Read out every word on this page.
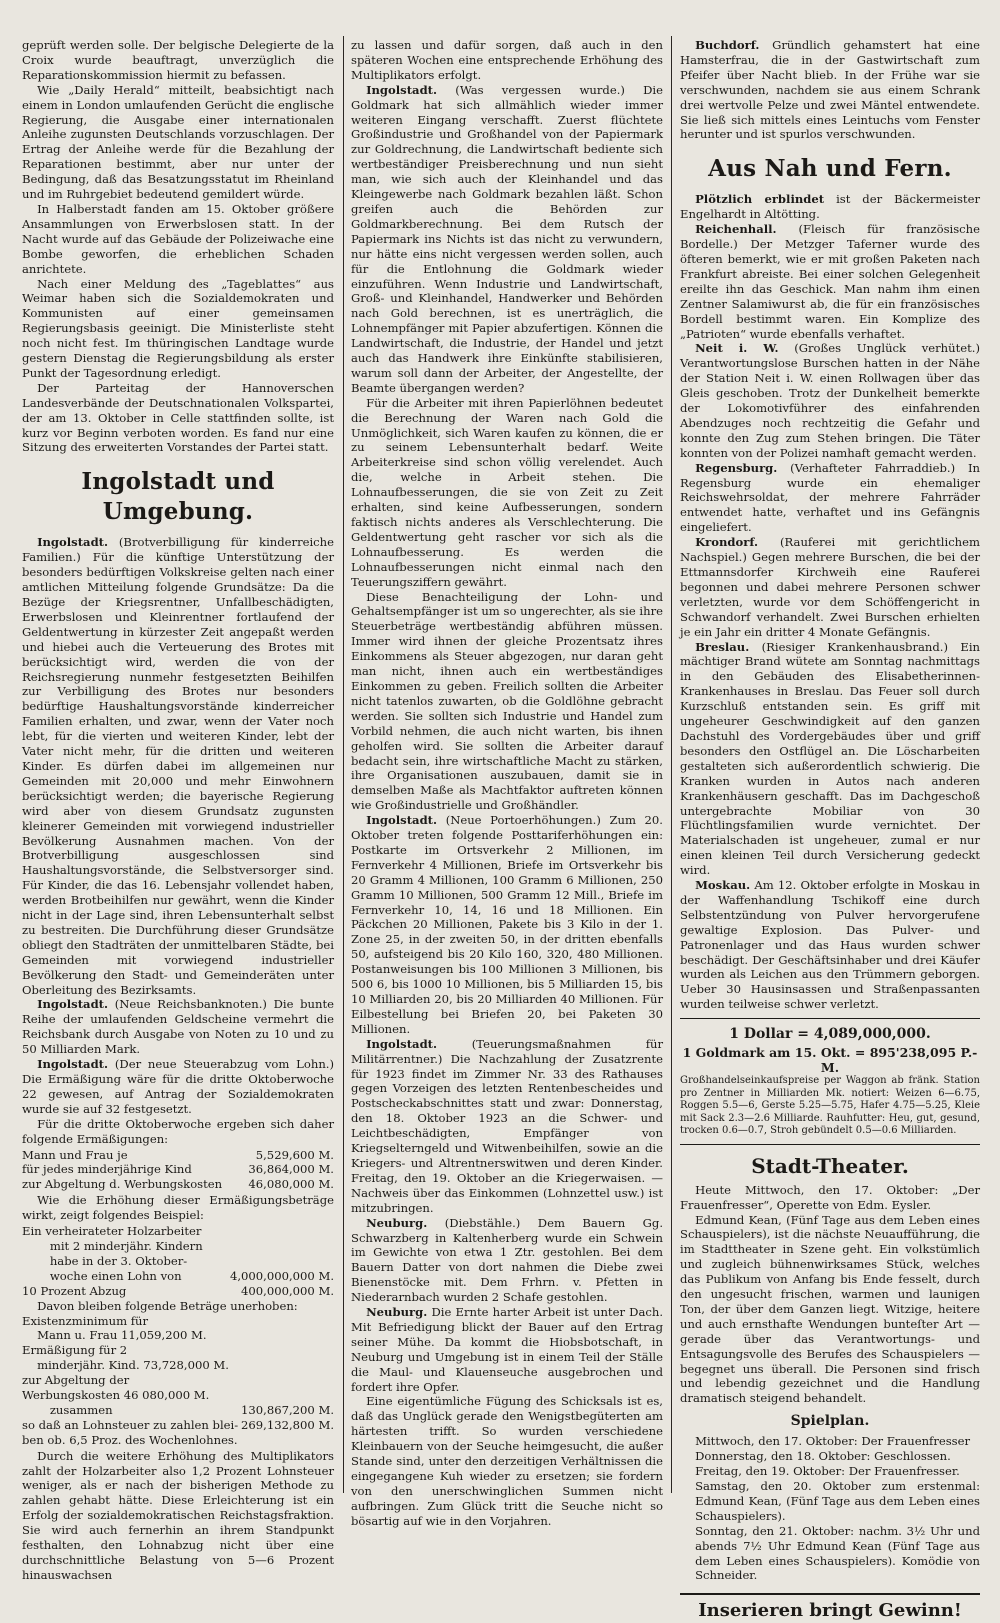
geprüft werden solle. Der belgische Delegierte de la Croix wurde beauftragt, unverzüglich die Reparationskommission hiermit zu befassen.

Wie „Daily Herald“ mitteilt, beabsichtigt nach einem in London umlaufenden Gerücht die englische Regierung, die Ausgabe einer internationalen Anleihe zugunsten Deutschlands vorzuschlagen. Der Ertrag der Anleihe werde für die Bezahlung der Reparationen bestimmt, aber nur unter der Bedingung, daß das Besatzungsstatut im Rheinland und im Ruhrgebiet bedeutend gemildert würde.

In Halberstadt fanden am 15. Oktober größere Ansammlungen von Erwerbslosen statt. In der Nacht wurde auf das Gebäude der Polizeiwache eine Bombe geworfen, die erheblichen Schaden anrichtete.

Nach einer Meldung des „Tageblattes“ aus Weimar haben sich die Sozialdemokraten und Kommunisten auf einer gemeinsamen Regierungsbasis geeinigt. Die Ministerliste steht noch nicht fest. Im thüringischen Landtage wurde gestern Dienstag die Regierungsbildung als erster Punkt der Tagesordnung erledigt.

Der Parteitag der Hannoverschen Landesverbände der Deutschnationalen Volkspartei, der am 13. Oktober in Celle stattfinden sollte, ist kurz vor Beginn verboten worden. Es fand nur eine Sitzung des erweiterten Vorstandes der Partei statt.

Ingolstadt und Umgebung.

Ingolstadt. (Brotverbilligung für kinderreiche Familien.) Für die künftige Unterstützung der besonders bedürftigen Volkskreise gelten nach einer amtlichen Mitteilung folgende Grundsätze: Da die Bezüge der Kriegsrentner, Unfallbeschädigten, Erwerbslosen und Kleinrentner fortlaufend der Geldentwertung in kürzester Zeit angepaßt werden und hiebei auch die Verteuerung des Brotes mit berücksichtigt wird, werden die von der Reichsregierung nunmehr festgesetzten Beihilfen zur Verbilligung des Brotes nur besonders bedürftige Haushaltungsvorstände kinderreicher Familien erhalten, und zwar, wenn der Vater noch lebt, für die vierten und weiteren Kinder, lebt der Vater nicht mehr, für die dritten und weiteren Kinder. Es dürfen dabei im allgemeinen nur Gemeinden mit 20,000 und mehr Einwohnern berücksichtigt werden; die bayerische Regierung wird aber von diesem Grundsatz zugunsten kleinerer Gemeinden mit vorwiegend industrieller Bevölkerung Ausnahmen machen. Von der Brotverbilligung ausgeschlossen sind Haushaltungsvorstände, die Selbstversorger sind. Für Kinder, die das 16. Lebensjahr vollendet haben, werden Brotbeihilfen nur gewährt, wenn die Kinder nicht in der Lage sind, ihren Lebensunterhalt selbst zu bestreiten. Die Durchführung dieser Grundsätze obliegt den Stadträten der unmittelbaren Städte, bei Gemeinden mit vorwiegend industrieller Bevölkerung den Stadt- und Gemeinderäten unter Oberleitung des Bezirksamts.

Ingolstadt. (Neue Reichsbanknoten.) Die bunte Reihe der umlaufenden Geldscheine vermehrt die Reichsbank durch Ausgabe von Noten zu 10 und zu 50 Milliarden Mark.

Ingolstadt. (Der neue Steuerabzug vom Lohn.) Die Ermäßigung wäre für die dritte Oktoberwoche 22 gewesen, auf Antrag der Sozialdemokraten wurde sie auf 32 festgesetzt.

Für die dritte Oktoberwoche ergeben sich daher folgende Ermäßigungen:

Mann und Frau je	5,529,600 M.
für jedes minderjährige Kind	36,864,000 M.
zur Abgeltung d. Werbungskosten	46,080,000 M.

Wie die Erhöhung dieser Ermäßigungsbeträge wirkt, zeigt folgendes Beispiel:

Ein verheirateter Holzarbeiter
mit 2 minderjähr. Kindern
habe in der 3. Oktober-
woche einen Lohn von	4,000,000,000 M.
10 Prozent Abzug	400,000,000 M.
Davon bleiben folgende Beträge unerhoben:
Existenzminimum für
Mann u. Frau 11,059,200 M.
Ermäßigung für 2
minderjähr. Kind. 73,728,000 M.
zur Abgeltung der
Werbungskosten 46 080,000 M.
zusammen	130,867,200 M.
so daß an Lohnsteuer zu zahlen blei- 269,132,800 M.
ben ob. 6,5 Proz. des Wochenlohnes.

Durch die weitere Erhöhung des Multiplikators zahlt der Holzarbeiter also 1,2 Prozent Lohnsteuer weniger, als er nach der bisherigen Methode zu zahlen gehabt hätte. Diese Erleichterung ist ein Erfolg der sozialdemokratischen Reichstagsfraktion. Sie wird auch fernerhin an ihrem Standpunkt festhalten, den Lohnabzug nicht über eine durchschnittliche Belastung von 5—6 Prozent hinauswachsen

zu lassen und dafür sorgen, daß auch in den späteren Wochen eine entsprechende Erhöhung des Multiplikators erfolgt.

Ingolstadt. (Was vergessen wurde.) Die Goldmark hat sich allmählich wieder immer weiteren Eingang verschafft. Zuerst flüchtete Großindustrie und Großhandel von der Papiermark zur Goldrechnung, die Landwirtschaft bediente sich wertbeständiger Preisberechnung und nun sieht man, wie sich auch der Kleinhandel und das Kleingewerbe nach Goldmark bezahlen läßt. Schon greifen auch die Behörden zur Goldmarkberechnung. Bei dem Rutsch der Papiermark ins Nichts ist das nicht zu verwundern, nur hätte eins nicht vergessen werden sollen, auch für die Entlohnung die Goldmark wieder einzuführen. Wenn Industrie und Landwirtschaft, Groß- und Kleinhandel, Handwerker und Behörden nach Gold berechnen, ist es unerträglich, die Lohnempfänger mit Papier abzufertigen. Können die Landwirtschaft, die Industrie, der Handel und jetzt auch das Handwerk ihre Einkünfte stabilisieren, warum soll dann der Arbeiter, der Angestellte, der Beamte übergangen werden?

Für die Arbeiter mit ihren Papierlöhnen bedeutet die Berechnung der Waren nach Gold die Unmöglichkeit, sich Waren kaufen zu können, die er zu seinem Lebensunterhalt bedarf. Weite Arbeiterkreise sind schon völlig verelendet. Auch die, welche in Arbeit stehen. Die Lohnaufbesserungen, die sie von Zeit zu Zeit erhalten, sind keine Aufbesserungen, sondern faktisch nichts anderes als Verschlechterung. Die Geldentwertung geht rascher vor sich als die Lohnaufbesserung. Es werden die Lohnaufbesserungen nicht einmal nach den Teuerungsziffern gewährt.

Diese Benachteiligung der Lohn- und Gehaltsempfänger ist um so ungerechter, als sie ihre Steuerbeträge wertbeständig abführen müssen. Immer wird ihnen der gleiche Prozentsatz ihres Einkommens als Steuer abgezogen, nur daran geht man nicht, ihnen auch ein wertbeständiges Einkommen zu geben. Freilich sollten die Arbeiter nicht tatenlos zuwarten, ob die Goldlöhne gebracht werden. Sie sollten sich Industrie und Handel zum Vorbild nehmen, die auch nicht warten, bis ihnen geholfen wird. Sie sollten die Arbeiter darauf bedacht sein, ihre wirtschaftliche Macht zu stärken, ihre Organisationen auszubauen, damit sie in demselben Maße als Machtfaktor auftreten können wie Großindustrielle und Großhändler.

Ingolstadt. (Neue Portoerhöhungen.) Zum 20. Oktober treten folgende Posttariferhöhungen ein: Postkarte im Ortsverkehr 2 Millionen, im Fernverkehr 4 Millionen, Briefe im Ortsverkehr bis 20 Gramm 4 Millionen, 100 Gramm 6 Millionen, 250 Gramm 10 Millionen, 500 Gramm 12 Mill., Briefe im Fernverkehr 10, 14, 16 und 18 Millionen. Ein Päckchen 20 Millionen, Pakete bis 3 Kilo in der 1. Zone 25, in der zweiten 50, in der dritten ebenfalls 50, aufsteigend bis 20 Kilo 160, 320, 480 Millionen. Postanweisungen bis 100 Millionen 3 Millionen, bis 500 6, bis 1000 10 Millionen, bis 5 Milliarden 15, bis 10 Milliarden 20, bis 20 Milliarden 40 Millionen. Für Eilbestellung bei Briefen 20, bei Paketen 30 Millionen.

Ingolstadt.	(Teuerungsmaßnahmen für Militärrentner.) Die Nachzahlung der Zusatzrente für 1923 findet im Zimmer Nr. 33 des Rathauses gegen Vorzeigen des letzten Rentenbescheides und Postscheckabschnittes statt und zwar: Donnerstag, den 18. Oktober 1923 an die Schwer- und Leichtbeschädigten, Empfänger von Kriegselterngeld und Witwenbeihilfen, sowie an die Kriegers- und Altrentnerswitwen und deren Kinder. Freitag, den 19. Oktober an die Kriegerwaisen. — Nachweis über das Einkommen (Lohnzettel usw.) ist mitzubringen.

Neuburg. (Diebstähle.) Dem Bauern Gg. Schwarzberg in Kaltenherberg wurde ein Schwein im Gewichte von etwa 1 Ztr. gestohlen. Bei dem Bauern Datter von dort nahmen die Diebe zwei Bienenstöcke mit. Dem Frhrn. v. Pfetten in Niederarnbach wurden 2 Schafe gestohlen.

Neuburg. Die Ernte harter Arbeit ist unter Dach. Mit Befriedigung blickt der Bauer auf den Ertrag seiner Mühe. Da kommt die Hiobsbotschaft, in Neuburg und Umgebung ist in einem Teil der Ställe die Maul- und Klauenseuche ausgebrochen und fordert ihre Opfer.

Eine eigentümliche Fügung des Schicksals ist es, daß das Unglück gerade den Wenigstbegüterten am härtesten trifft. So wurden verschiedene Kleinbauern von der Seuche heimgesucht, die außer Stande sind, unter den derzeitigen Verhältnissen die eingegangene Kuh wieder zu ersetzen; sie fordern von den unerschwinglichen Summen nicht aufbringen. Zum Glück tritt die Seuche nicht so bösartig auf wie in den Vorjahren.

Buchdorf. Gründlich gehamstert hat eine Hamsterfrau, die in der Gastwirtschaft zum Pfeifer über Nacht blieb. In der Frühe war sie verschwunden, nachdem sie aus einem Schrank drei wertvolle Pelze und zwei Mäntel entwendete. Sie ließ sich mittels eines Leintuchs vom Fenster herunter und ist spurlos verschwunden.

Aus Nah und Fern.

Plötzlich erblindet ist der Bäckermeister Engelhardt in Altötting.

Reichenhall. (Fleisch für französische Bordelle.) Der Metzger Taferner wurde des öfteren bemerkt, wie er mit großen Paketen nach Frankfurt abreiste. Bei einer solchen Gelegenheit ereilte ihn das Geschick. Man nahm ihm einen Zentner Salamiwurst ab, die für ein französisches Bordell bestimmt waren. Ein Komplize des „Patrioten“ wurde ebenfalls verhaftet.

Neit i. W. (Großes Unglück verhütet.) Verantwortungslose Burschen hatten in der Nähe der Station Neit i. W. einen Rollwagen über das Gleis geschoben. Trotz der Dunkelheit bemerkte der Lokomotivführer des einfahrenden Abendzuges noch rechtzeitig die Gefahr und konnte den Zug zum Stehen bringen. Die Täter konnten von der Polizei namhaft gemacht werden.

Regensburg. (Verhafteter Fahrraddieb.) In Regensburg wurde ein ehemaliger Reichswehrsoldat, der mehrere Fahrräder entwendet hatte, verhaftet und ins Gefängnis eingeliefert.

Krondorf. (Rauferei mit gerichtlichem Nachspiel.) Gegen mehrere Burschen, die bei der Ettmannsdorfer Kirchweih eine Rauferei begonnen und dabei mehrere Personen schwer verletzten, wurde vor dem Schöffengericht in Schwandorf verhandelt. Zwei Burschen erhielten je ein Jahr ein dritter 4 Monate Gefängnis.

Breslau. (Riesiger Krankenhausbrand.) Ein mächtiger Brand wütete am Sonntag nachmittags in den Gebäuden des Elisabetherinnen-Krankenhauses in Breslau. Das Feuer soll durch Kurzschluß entstanden sein. Es griff mit ungeheurer Geschwindigkeit auf den ganzen Dachstuhl des Vordergebäudes über und griff besonders den Ostflügel an. Die Löscharbeiten gestalteten sich außerordentlich schwierig. Die Kranken wurden in Autos nach anderen Krankenhäusern geschafft. Das im Dachgeschoß untergebrachte Mobiliar von 30 Flüchtlingsfamilien wurde vernichtet. Der Materialschaden ist ungeheuer, zumal er nur einen kleinen Teil durch Versicherung gedeckt wird.

Moskau. Am 12. Oktober erfolgte in Moskau in der Waffenhandlung Tschikoff eine durch Selbstentzündung von Pulver hervorgerufene gewaltige Explosion. Das Pulver- und Patronenlager und das Haus wurden schwer beschädigt. Der Geschäftsinhaber und drei Käufer wurden als Leichen aus den Trümmern geborgen. Ueber 30 Hausinsassen und Straßenpassanten wurden teilweise schwer verletzt.

1 Dollar = 4,089,000,000.
1 Goldmark am 15. Okt. = 895'238,095 P.-M.
Großhandelseinkaufspreise per Waggon ab fränk. Station pro Zentner in Milliarden Mk. notiert: Weizen 6—6.75, Roggen 5.5—6, Gerste 5.25—5.75, Hafer 4.75—5.25, Kleie mit Sack 2.3—2.6 Milliarde. Rauhfutter: Heu, gut, gesund, trocken 0.6—0.7, Stroh gebündelt 0.5—0.6 Milliarden.
Stadt-Theater.

Heute Mittwoch, den 17. Oktober: „Der Frauenfresser“, Operette von Edm. Eysler.

Edmund Kean, (Fünf Tage aus dem Leben eines Schauspielers), ist die nächste Neuaufführung, die im Stadttheater in Szene geht. Ein volkstümlich und zugleich bühnenwirksames Stück, welches das Publikum von Anfang bis Ende fesselt, durch den ungesucht frischen, warmen und launigen Ton, der über dem Ganzen liegt. Witzige, heitere und auch ernsthafte Wendungen bunteſter Art — gerade über das Verantwortungs- und Entsagungsvolle des Berufes des Schauspielers — begegnet uns überall. Die Personen sind frisch und lebendig gezeichnet und die Handlung dramatisch steigend behandelt.

Spielplan.

Mittwoch, den 17. Oktober: Der Frauenfresser

Donnerstag, den 18. Oktober: Geschlossen.

Freitag, den 19. Oktober: Der Frauenfresser.

Samstag, den 20. Oktober zum erstenmal: Edmund Kean, (Fünf Tage aus dem Leben eines Schauspielers).

Sonntag, den 21. Oktober: nachm. 3½ Uhr und abends 7½ Uhr Edmund Kean (Fünf Tage aus dem Leben eines Schauspielers). Komödie von Schneider.

Inserieren bringt Gewinn!
